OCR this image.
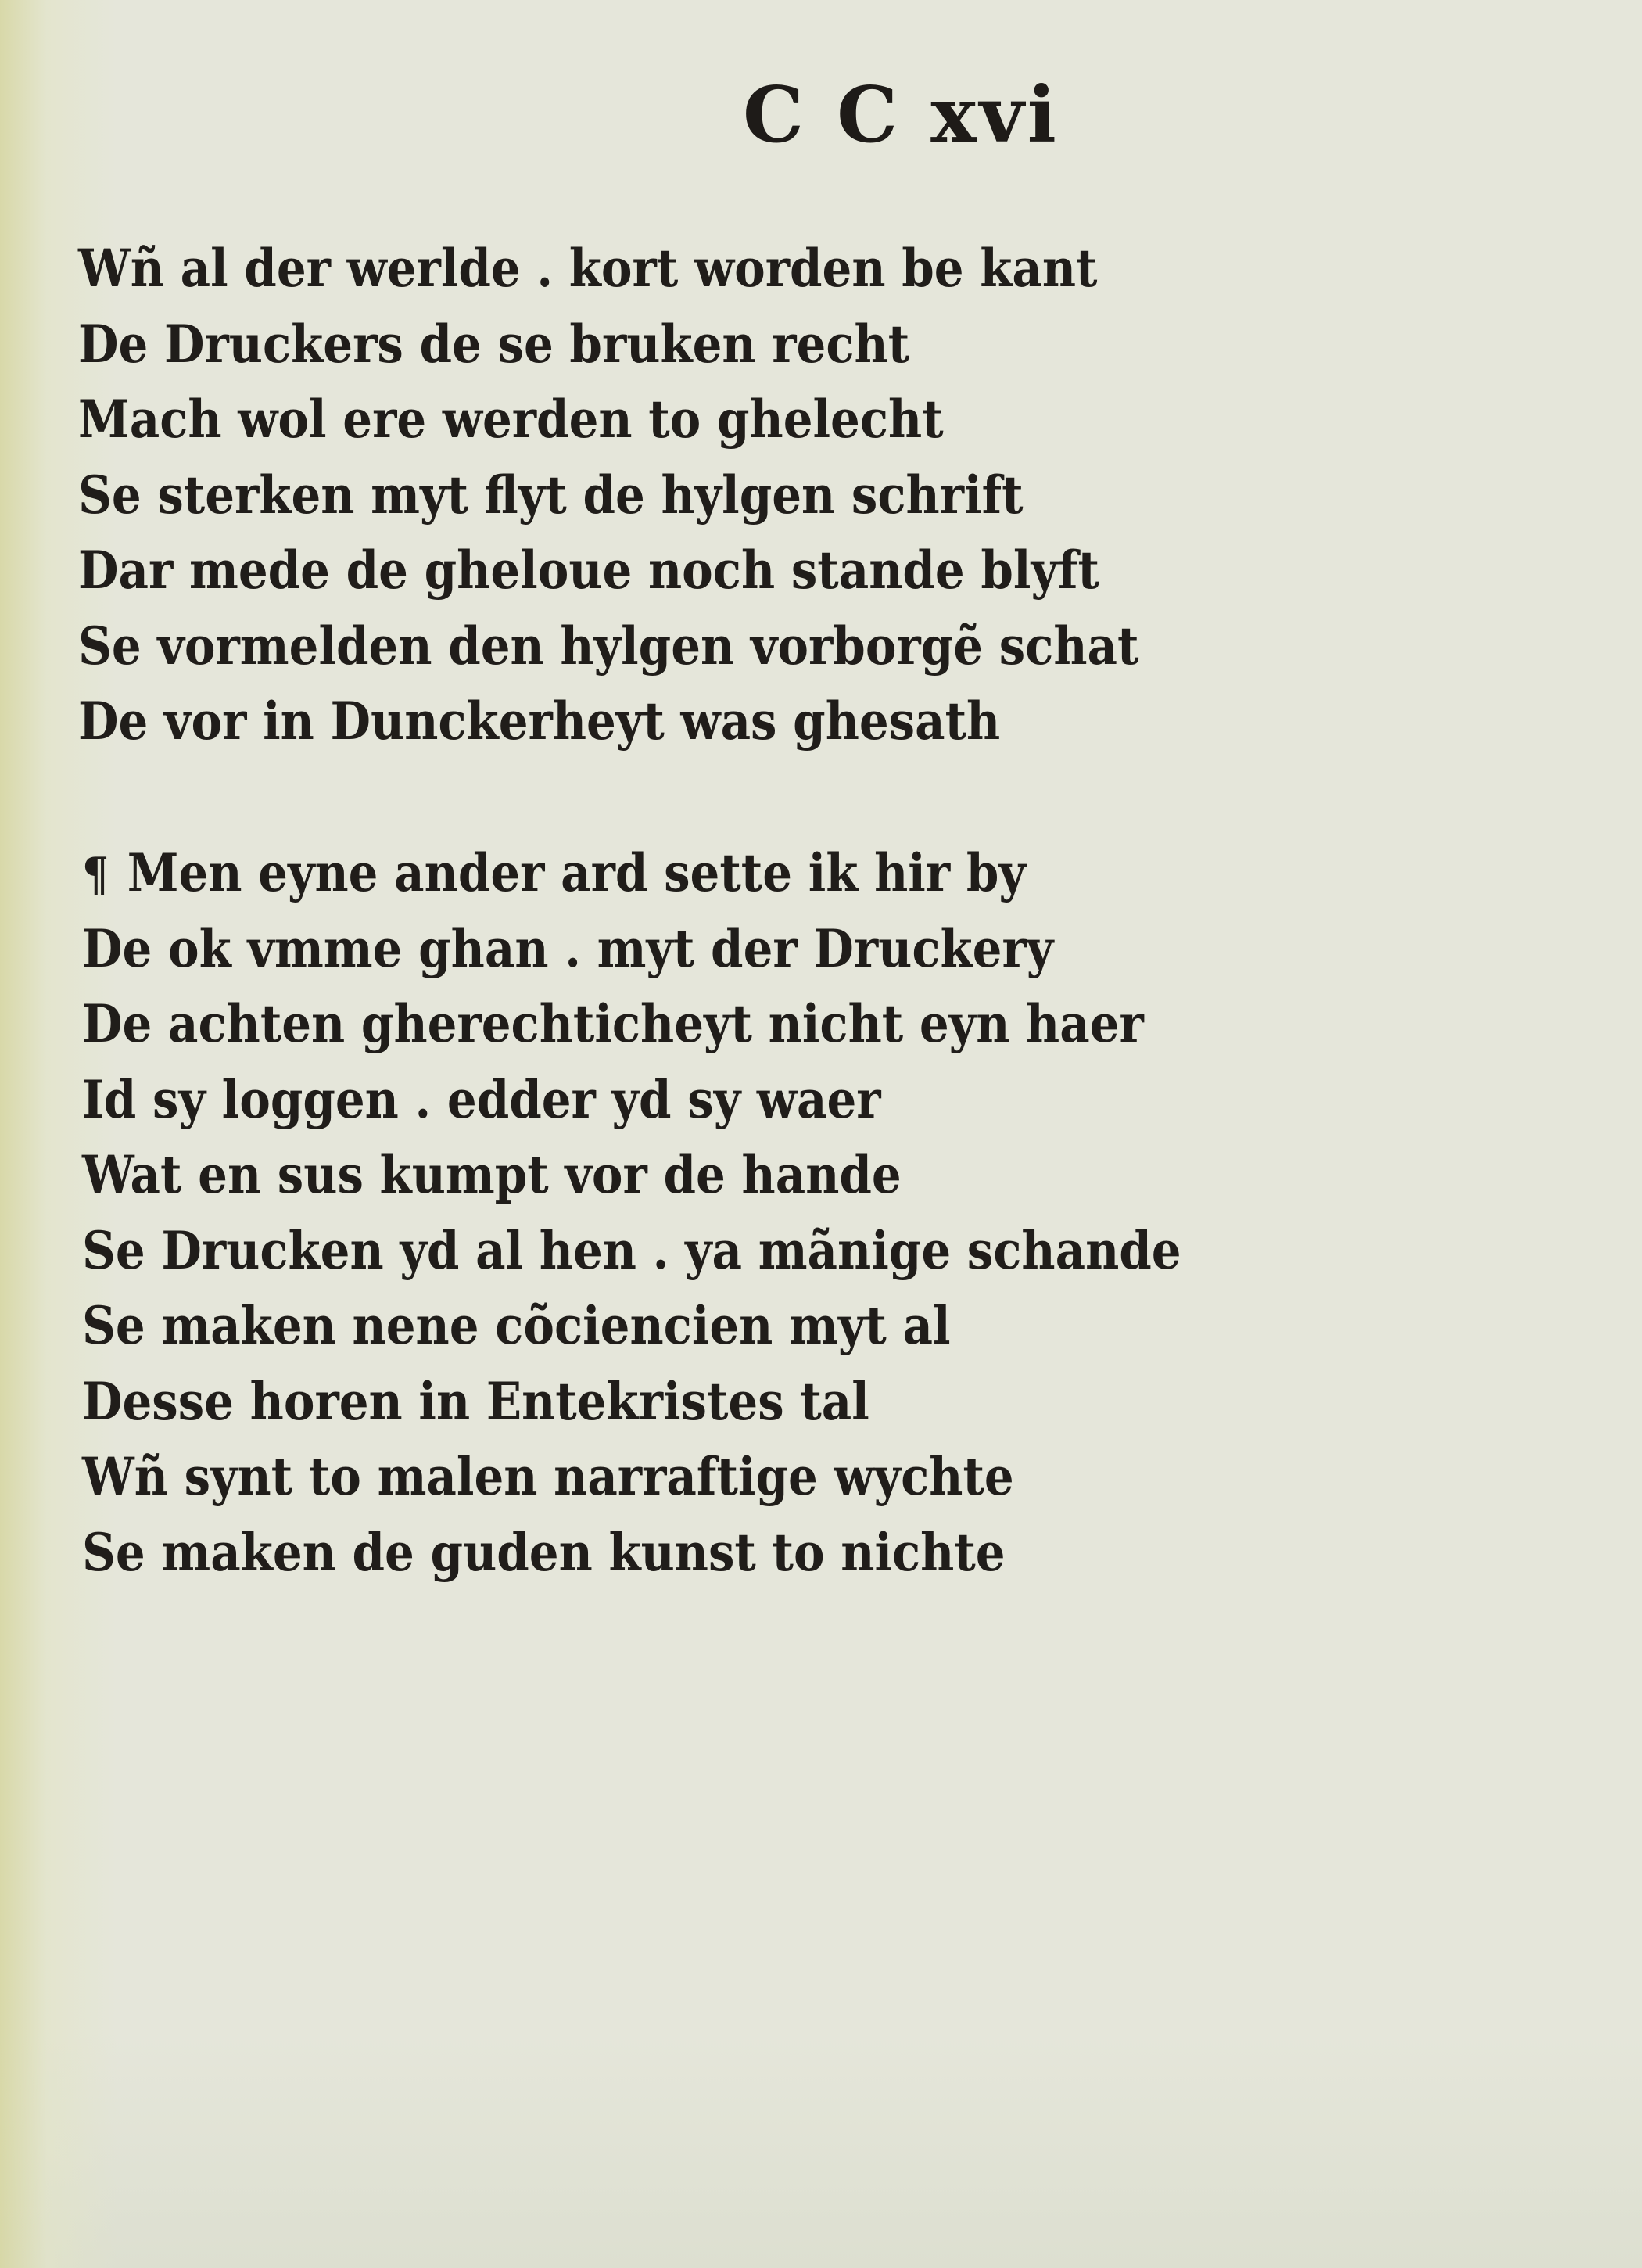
C C xvi
Wñ al der werlde . kort worden be kant
De Druckers de se bruken recht
Mach wol ere werden to ghelecht
Se sterken myt flyt de hylgen schrift
Dar mede de gheloue noch stande blyft
Se vormelden den hylgen vorborgẽ schat
De vor in Dunckerheyt was ghesath
¶ Men eyne ander ard sette ik hir by
De ok vmme ghan . myt der Druckery
De achten gherechticheyt nicht eyn haer
Id sy loggen . edder yd sy waer
Wat en sus kumpt vor de hande
Se Drucken yd al hen . ya mãnige schande
Se maken nene cõciencien myt al
Desse horen in Entekristes tal
Wñ synt to malen narraftige wychte
Se maken de guden kunst to nichte
